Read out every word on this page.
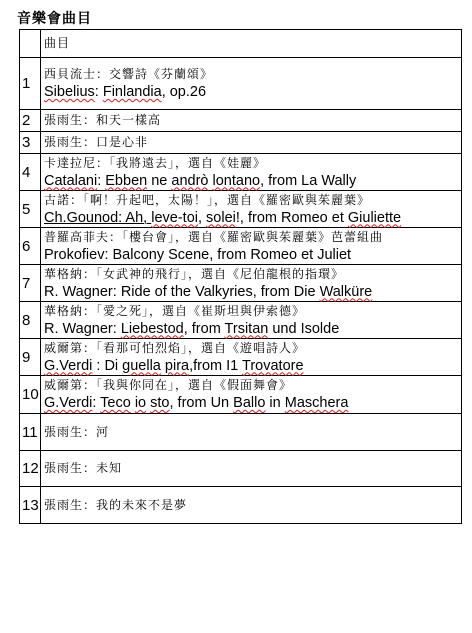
音樂會曲目
	曲目
1	西貝流士：交響詩《芬蘭頌》
Sibelius: Finlandia, op.26

2	張雨生：和天一樣高
3	張雨生：口是心非
4	卡達拉尼：「我將遠去」，選自《娃麗》
Catalani: Ebben ne andrò lontano, from La Wally

5	古諾：「啊！升起吧，太陽！」，選自《羅密歐與茱麗葉》
Ch.Gounod: Ah, leve-toi, solei!, from Romeo et Giuliette

6	普羅高菲夫：「樓台會」，選自《羅密歐與茱麗葉》芭蕾組曲
Prokofiev: Balcony Scene, from Romeo et Juliet

7	華格納：「女武神的飛行」，選自《尼伯龍根的指環》
R. Wagner: Ride of the Valkyries, from Die Walküre

8	華格納：「愛之死」，選自《崔斯坦與伊索德》
R. Wagner: Liebestod, from Trsitan und Isolde

9	威爾第：「看那可怕烈焰」，選自《遊唱詩人》
G.Verdi : Di guella pira,from I1 Trovatore

10	威爾第：「我與你同在」，選自《假面舞會》
G.Verdi: Teco io sto, from Un Ballo in Maschera

11	張雨生：河
12	張雨生：未知
13	張雨生：我的未來不是夢
